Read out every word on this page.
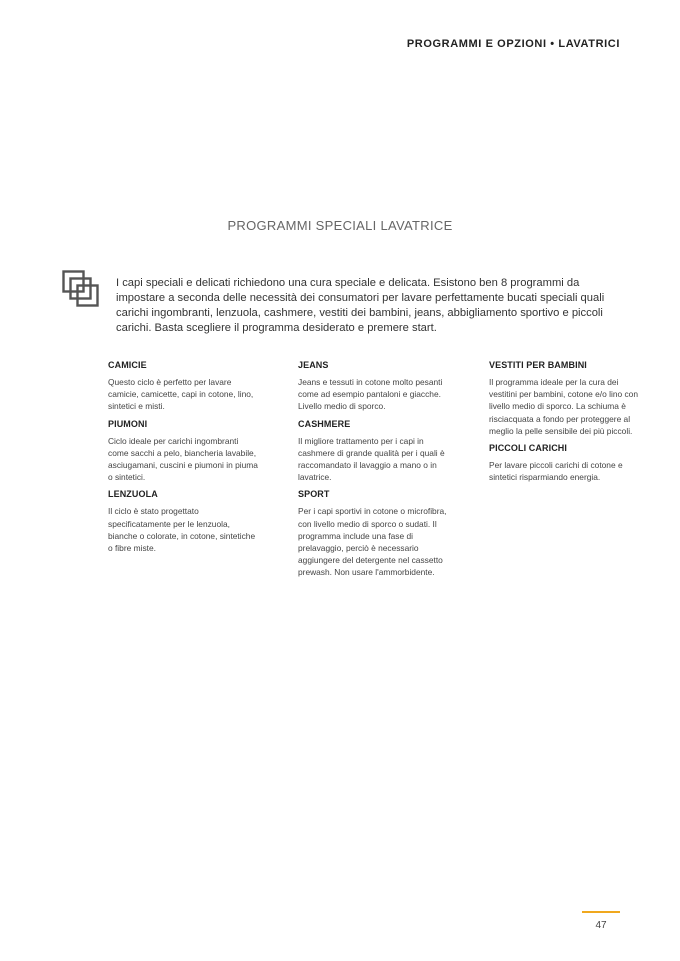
PROGRAMMI E OPZIONI • LAVATRICI
PROGRAMMI SPECIALI LAVATRICE
I capi speciali e delicati richiedono una cura speciale e delicata. Esistono ben 8 programmi da impostare a seconda delle necessità dei consumatori per lavare perfettamente bucati speciali quali carichi ingombranti, lenzuola, cashmere, vestiti dei bambini, jeans, abbigliamento sportivo e piccoli carichi. Basta scegliere il programma desiderato e premere start.
CAMICIE
Questo ciclo è perfetto per lavare camicie, camicette, capi in cotone, lino, sintetici e misti.
PIUMONI
Ciclo ideale per carichi ingombranti come sacchi a pelo, biancheria lavabile, asciugamani, cuscini e piumoni in piuma o sintetici.
LENZUOLA
Il ciclo è stato progettato specificatamente per le lenzuola, bianche o colorate, in cotone, sintetiche o fibre miste.
JEANS
Jeans e tessuti in cotone molto pesanti come ad esempio pantaloni e giacche. Livello medio di sporco.
CASHMERE
Il migliore trattamento per i capi in cashmere di grande qualità per i quali è raccomandato il lavaggio a mano o in lavatrice.
SPORT
Per i capi sportivi in cotone o microfibra, con livello medio di sporco o sudati. Il programma include una fase di prelavaggio, perciò è necessario aggiungere del detergente nel cassetto prewash. Non usare l'ammorbidente.
VESTITI PER BAMBINI
Il programma ideale per la cura dei vestitini per bambini, cotone e/o lino con livello medio di sporco. La schiuma è risciacquata a fondo per proteggere al meglio la pelle sensibile dei più piccoli.
PICCOLI CARICHI
Per lavare piccoli carichi di cotone e sintetici risparmiando energia.
47
